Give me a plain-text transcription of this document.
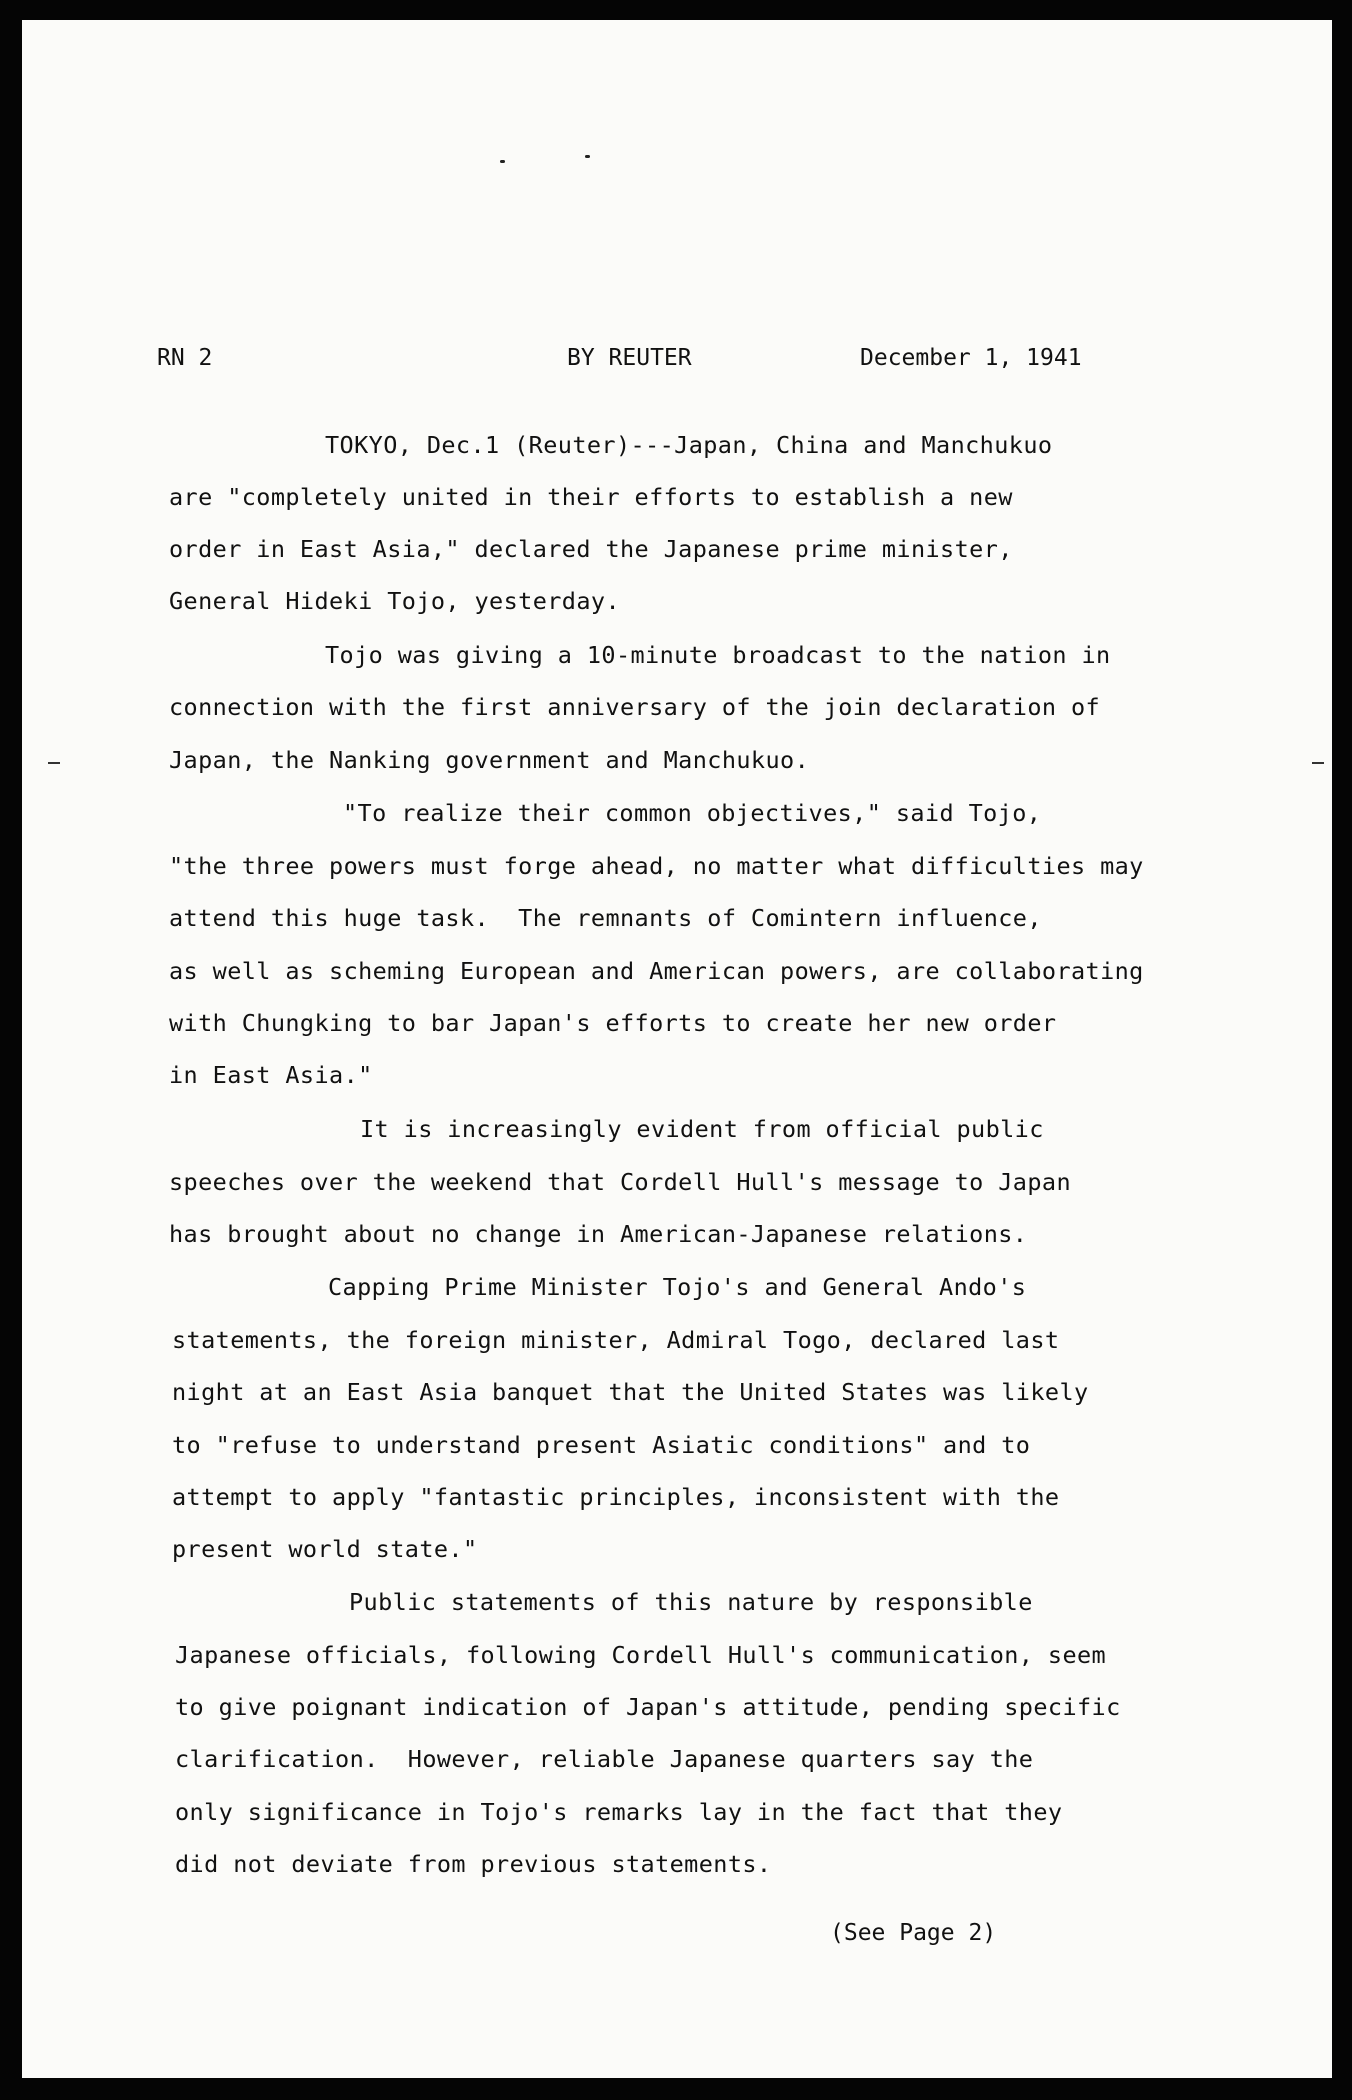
RN 2	BY REUTER	December 1, 1941
TOKYO, Dec.1 (Reuter)---Japan, China and Manchukuo
are "completely united in their efforts to establish a new
order in East Asia," declared the Japanese prime minister,
General Hideki Tojo, yesterday.
Tojo was giving a 10-minute broadcast to the nation in
connection with the first anniversary of the join declaration of
Japan, the Nanking government and Manchukuo.
"To realize their common objectives," said Tojo,
"the three powers must forge ahead, no matter what difficulties may
attend this huge task.  The remnants of Comintern influence,
as well as scheming European and American powers, are collaborating
with Chungking to bar Japan's efforts to create her new order
in East Asia."
It is increasingly evident from official public
speeches over the weekend that Cordell Hull's message to Japan
has brought about no change in American-Japanese relations.
Capping Prime Minister Tojo's and General Ando's
statements, the foreign minister, Admiral Togo, declared last
night at an East Asia banquet that the United States was likely
to "refuse to understand present Asiatic conditions" and to
attempt to apply "fantastic principles, inconsistent with the
present world state."
Public statements of this nature by responsible
Japanese officials, following Cordell Hull's communication, seem
to give poignant indication of Japan's attitude, pending specific
clarification.  However, reliable Japanese quarters say the
only significance in Tojo's remarks lay in the fact that they
did not deviate from previous statements.
(See Page 2)
